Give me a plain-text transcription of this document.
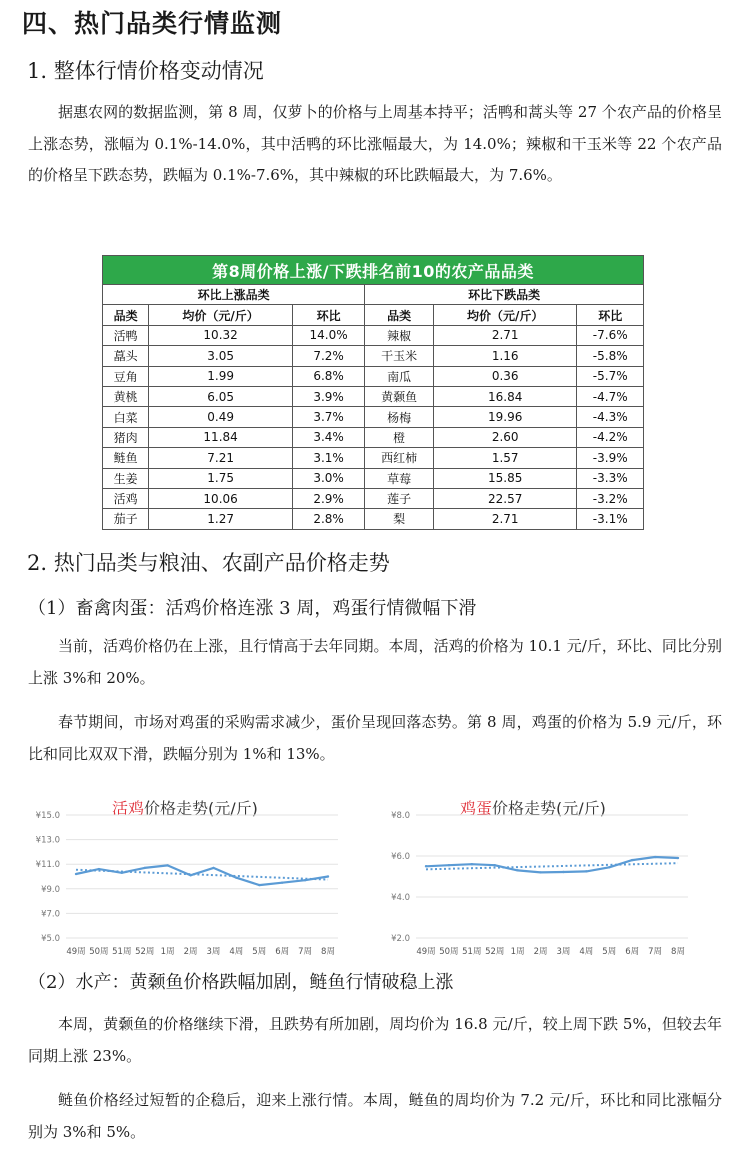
四、热门品类行情监测
1. 整体行情价格变动情况
据惠农网的数据监测，第 8 周，仅萝卜的价格与上周基本持平；活鸭和蒿头等 27 个农产品的价格呈上涨态势，涨幅为 0.1%-14.0%，其中活鸭的环比涨幅最大，为 14.0%；辣椒和干玉米等 22 个农产品的价格呈下跌态势，跌幅为 0.1%-7.6%，其中辣椒的环比跌幅最大，为 7.6%。
第8周价格上涨/下跌排名前10的农产品品类					
环比上涨品类			环比下跌品类		
品类	均价（元/斤）	环比	品类	均价（元/斤）	环比
活鸭	10.32	14.0%	辣椒	2.71	-7.6%
藠头	3.05	7.2%	干玉米	1.16	-5.8%
豆角	1.99	6.8%	南瓜	0.36	-5.7%
黄桃	6.05	3.9%	黄颡鱼	16.84	-4.7%
白菜	0.49	3.7%	杨梅	19.96	-4.3%
猪肉	11.84	3.4%	橙	2.60	-4.2%
鲢鱼	7.21	3.1%	西红柿	1.57	-3.9%
生姜	1.75	3.0%	草莓	15.85	-3.3%
活鸡	10.06	2.9%	莲子	22.57	-3.2%
茄子	1.27	2.8%	梨	2.71	-3.1%
2. 热门品类与粮油、农副产品价格走势
（1）畜禽肉蛋：活鸡价格连涨 3 周，鸡蛋行情微幅下滑
当前，活鸡价格仍在上涨，且行情高于去年同期。本周，活鸡的价格为 10.1 元/斤，环比、同比分别上涨 3%和 20%。
春节期间，市场对鸡蛋的采购需求减少，蛋价呈现回落态势。第 8 周，鸡蛋的价格为 5.9 元/斤，环比和同比双双下滑，跌幅分别为 1%和 13%。
活鸡价格走势(元/斤)
¥5.0
¥7.0
¥9.0
¥11.0
¥13.0
¥15.0
49周 50周 51周 52周 1周 2周 3周 4周 5周 6周 7周 8周
鸡蛋价格走势(元/斤)
¥2.0
¥4.0
¥6.0
¥8.0
49周 50周 51周 52周 1周 2周 3周 4周 5周 6周 7周 8周
（2）水产：黄颡鱼价格跌幅加剧，鲢鱼行情破稳上涨
本周，黄颡鱼的价格继续下滑，且跌势有所加剧，周均价为 16.8 元/斤，较上周下跌 5%，但较去年同期上涨 23%。
鲢鱼价格经过短暂的企稳后，迎来上涨行情。本周，鲢鱼的周均价为 7.2 元/斤，环比和同比涨幅分别为 3%和 5%。
